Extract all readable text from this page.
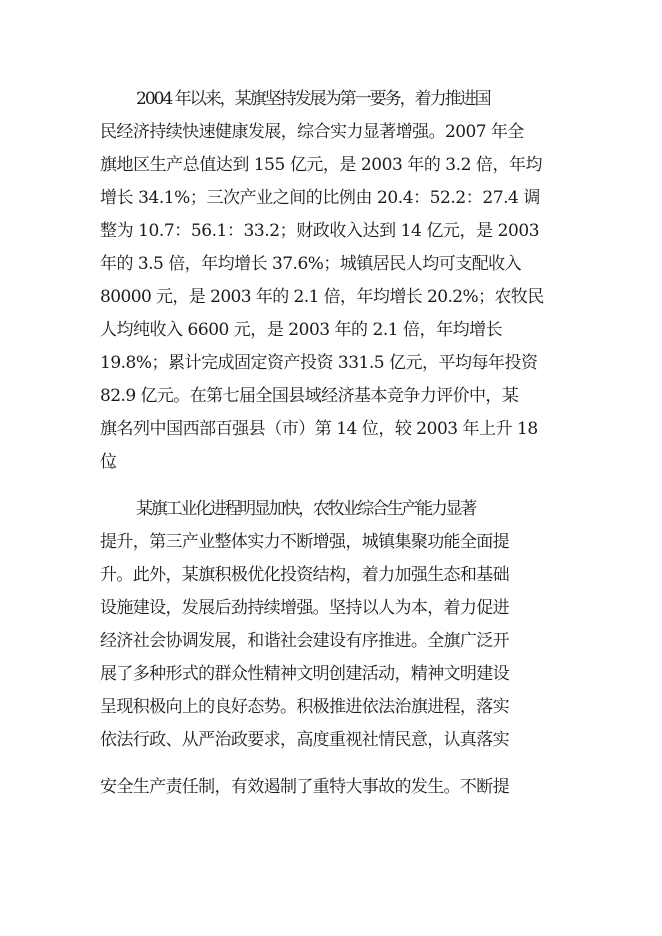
2004 年以来，某旗坚持发展为第一要务，着力推进国

民经济持续快速健康发展，综合实力显著增强。2007 年全

旗地区生产总值达到 155 亿元，是 2003 年的 3.2 倍，年均

增长 34.1%；三次产业之间的比例由 20.4：52.2：27.4 调

整为 10.7：56.1：33.2；财政收入达到 14 亿元，是 2003

年的 3.5 倍，年均增长 37.6%；城镇居民人均可支配收入

80000 元，是 2003 年的 2.1 倍，年均增长 20.2%；农牧民

人均纯收入 6600 元，是 2003 年的 2.1 倍，年均增长

19.8%；累计完成固定资产投资 331.5 亿元，平均每年投资

82.9 亿元。在第七届全国县域经济基本竞争力评价中，某

旗名列中国西部百强县（市）第 14 位，较 2003 年上升 18

位。

某旗工业化进程明显加快，农牧业综合生产能力显著

提升，第三产业整体实力不断增强，城镇集聚功能全面提

升。此外，某旗积极优化投资结构，着力加强生态和基础

设施建设，发展后劲持续增强。坚持以人为本，着力促进

经济社会协调发展，和谐社会建设有序推进。全旗广泛开

展了多种形式的群众性精神文明创建活动，精神文明建设

呈现积极向上的良好态势。积极推进依法治旗进程，落实

依法行政、从严治政要求，高度重视社情民意，认真落实

安全生产责任制，有效遏制了重特大事故的发生。不断提
